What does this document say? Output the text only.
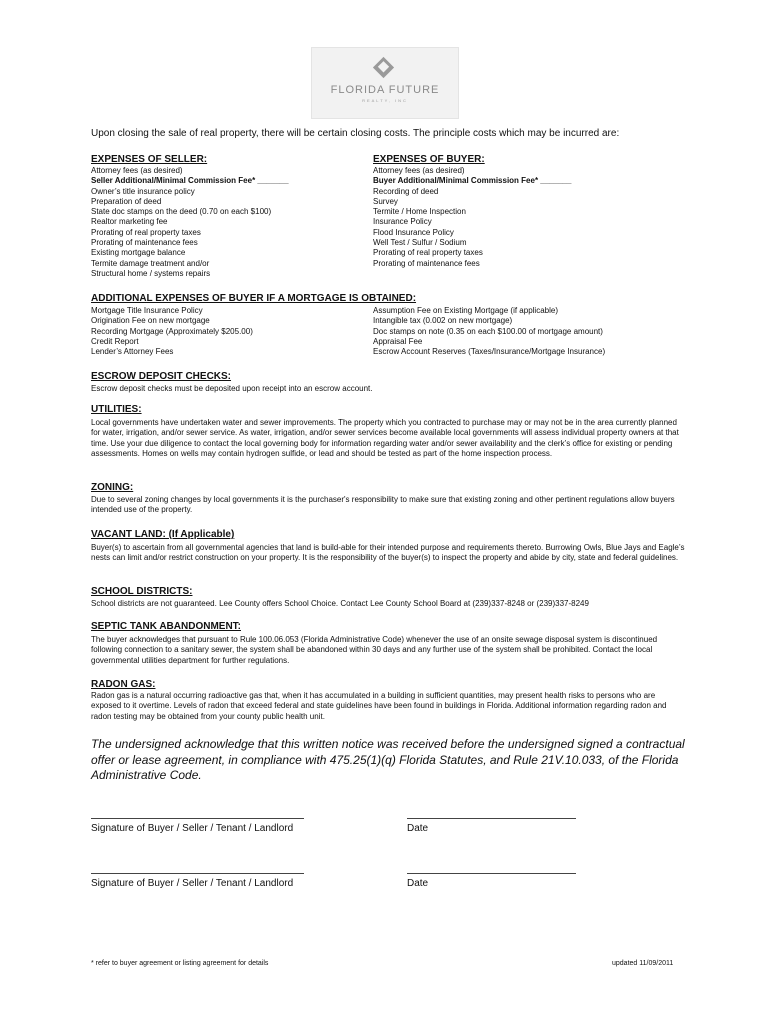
FLORIDA FUTURE
REALTY, INC
Upon closing the sale of real property, there will be certain closing costs. The principle costs which may be incurred are:
EXPENSES OF SELLER:
Attorney fees (as desired)
Seller Additional/Minimal Commission Fee* _______
Owner’s title insurance policy
Preparation of deed
State doc stamps on the deed (0.70 on each $100)
Realtor marketing fee
Prorating of real property taxes
Prorating of maintenance fees
Existing mortgage balance
Termite damage treatment and/or
Structural home / systems repairs
EXPENSES OF BUYER:
Attorney fees (as desired)
Buyer Additional/Minimal Commission Fee* _______
Recording of deed
Survey
Termite / Home Inspection
Insurance Policy
Flood Insurance Policy
Well Test / Sulfur / Sodium
Prorating of real property taxes
Prorating of maintenance fees
ADDITIONAL EXPENSES OF BUYER IF A MORTGAGE IS OBTAINED:
Mortgage Title Insurance Policy
Origination Fee on new mortgage
Recording Mortgage (Approximately $205.00)
Credit Report
Lender’s Attorney Fees
Assumption Fee on Existing Mortgage (if applicable)
Intangible tax (0.002 on new mortgage)
Doc stamps on note (0.35 on each $100.00 of mortgage amount)
Appraisal Fee
Escrow Account Reserves (Taxes/Insurance/Mortgage Insurance)
ESCROW DEPOSIT CHECKS:
Escrow deposit checks must be deposited upon receipt into an escrow account.
UTILITIES:
Local governments have undertaken water and sewer improvements. The property which you contracted to purchase may or may not be in the area currently planned for water, irrigation, and/or sewer service. As water, irrigation, and/or sewer services become available local governments will assess individual property owners at that time. Use your due diligence to contact the local governing body for information regarding water and/or sewer availability and the clerk’s office for existing or pending assessments. Homes on wells may contain hydrogen sulfide, or lead and should be tested as part of the home inspection process.
ZONING:
Due to several zoning changes by local governments it is the purchaser's responsibility to make sure that existing zoning and other pertinent regulations allow buyers intended use of the property.
VACANT LAND: (If Applicable)
Buyer(s) to ascertain from all governmental agencies that land is build-able for their intended purpose and requirements thereto. Burrowing Owls, Blue Jays and Eagle’s nests can limit and/or restrict construction on your property. It is the responsibility of the buyer(s) to inspect the property and abide by city, state and federal guidelines.
SCHOOL DISTRICTS:
School districts are not guaranteed. Lee County offers School Choice. Contact Lee County School Board at (239)337-8248 or (239)337-8249
SEPTIC TANK ABANDONMENT:
The buyer acknowledges that pursuant to Rule 100.06.053 (Florida Administrative Code) whenever the use of an onsite sewage disposal system is discontinued following connection to a sanitary sewer, the system shall be abandoned within 30 days and any further use of the system shall be prohibited. Contact the local governmental utilities department for further regulations.
RADON GAS:
Radon gas is a natural occurring radioactive gas that, when it has accumulated in a building in sufficient quantities, may present health risks to persons who are exposed to it overtime. Levels of radon that exceed federal and state guidelines have been found in buildings in Florida. Additional information regarding radon and radon testing may be obtained from your county public health unit.
The undersigned acknowledge that this written notice was received before the undersigned signed a contractual offer or lease agreement, in compliance with 475.25(1)(q) Florida Statutes, and Rule 21V.10.033, of the Florida Administrative Code.
Signature of Buyer / Seller / Tenant / Landlord	Date
Signature of Buyer / Seller / Tenant / Landlord	Date
* refer to buyer agreement or listing agreement for details	updated 11/09/2011
